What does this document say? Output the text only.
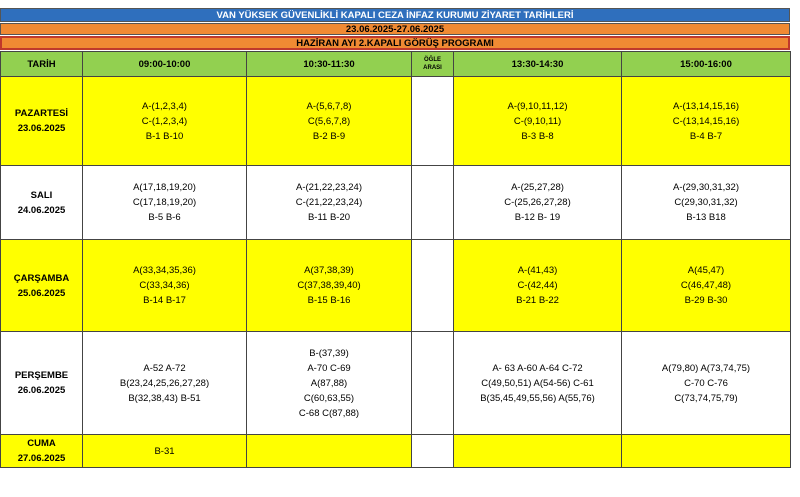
VAN YÜKSEK GÜVENLİKLİ KAPALI CEZA İNFAZ KURUMU ZİYARET TARİHLERİ
23.06.2025-27.06.2025
HAZİRAN AYI 2.KAPALI GÖRÜŞ PROGRAMI
TARİH	09:00-10:00	10:30-11:30	ÖĞLE
ARASI	13:30-14:30	15:00-16:00

PAZARTESİ
23.06.2025	A-(1,2,3,4)
C-(1,2,3,4)
B-1 B-10	A-(5,6,7,8)
C(5,6,7,8)
B-2 B-9		A-(9,10,11,12)
C-(9,10,11)
B-3 B-8	A-(13,14,15,16)
C-(13,14,15,16)
B-4 B-7

SALI
24.06.2025	A(17,18,19,20)
C(17,18,19,20)
B-5 B-6	A-(21,22,23,24)
C-(21,22,23,24)
B-11 B-20		A-(25,27,28)
C-(25,26,27,28)
B-12 B- 19	A-(29,30,31,32)
C(29,30,31,32)
B-13 B18

ÇARŞAMBA
25.06.2025	A(33,34,35,36)
C(33,34,36)
B-14 B-17	A(37,38,39)
C(37,38,39,40)
B-15 B-16		A-(41,43)
C-(42,44)
B-21 B-22	A(45,47)
C(46,47,48)
B-29 B-30

PERŞEMBE
26.06.2025	A-52 A-72
B(23,24,25,26,27,28)
B(32,38,43) B-51	B-(37,39)
A-70 C-69
A(87,88)
C(60,63,55)
C-68 C(87,88)		A- 63 A-60 A-64 C-72
C(49,50,51) A(54-56) C-61
B(35,45,49,55,56) A(55,76)	A(79,80) A(73,74,75)
C-70 C-76
C(73,74,75,79)

CUMA
27.06.2025	B-31				
